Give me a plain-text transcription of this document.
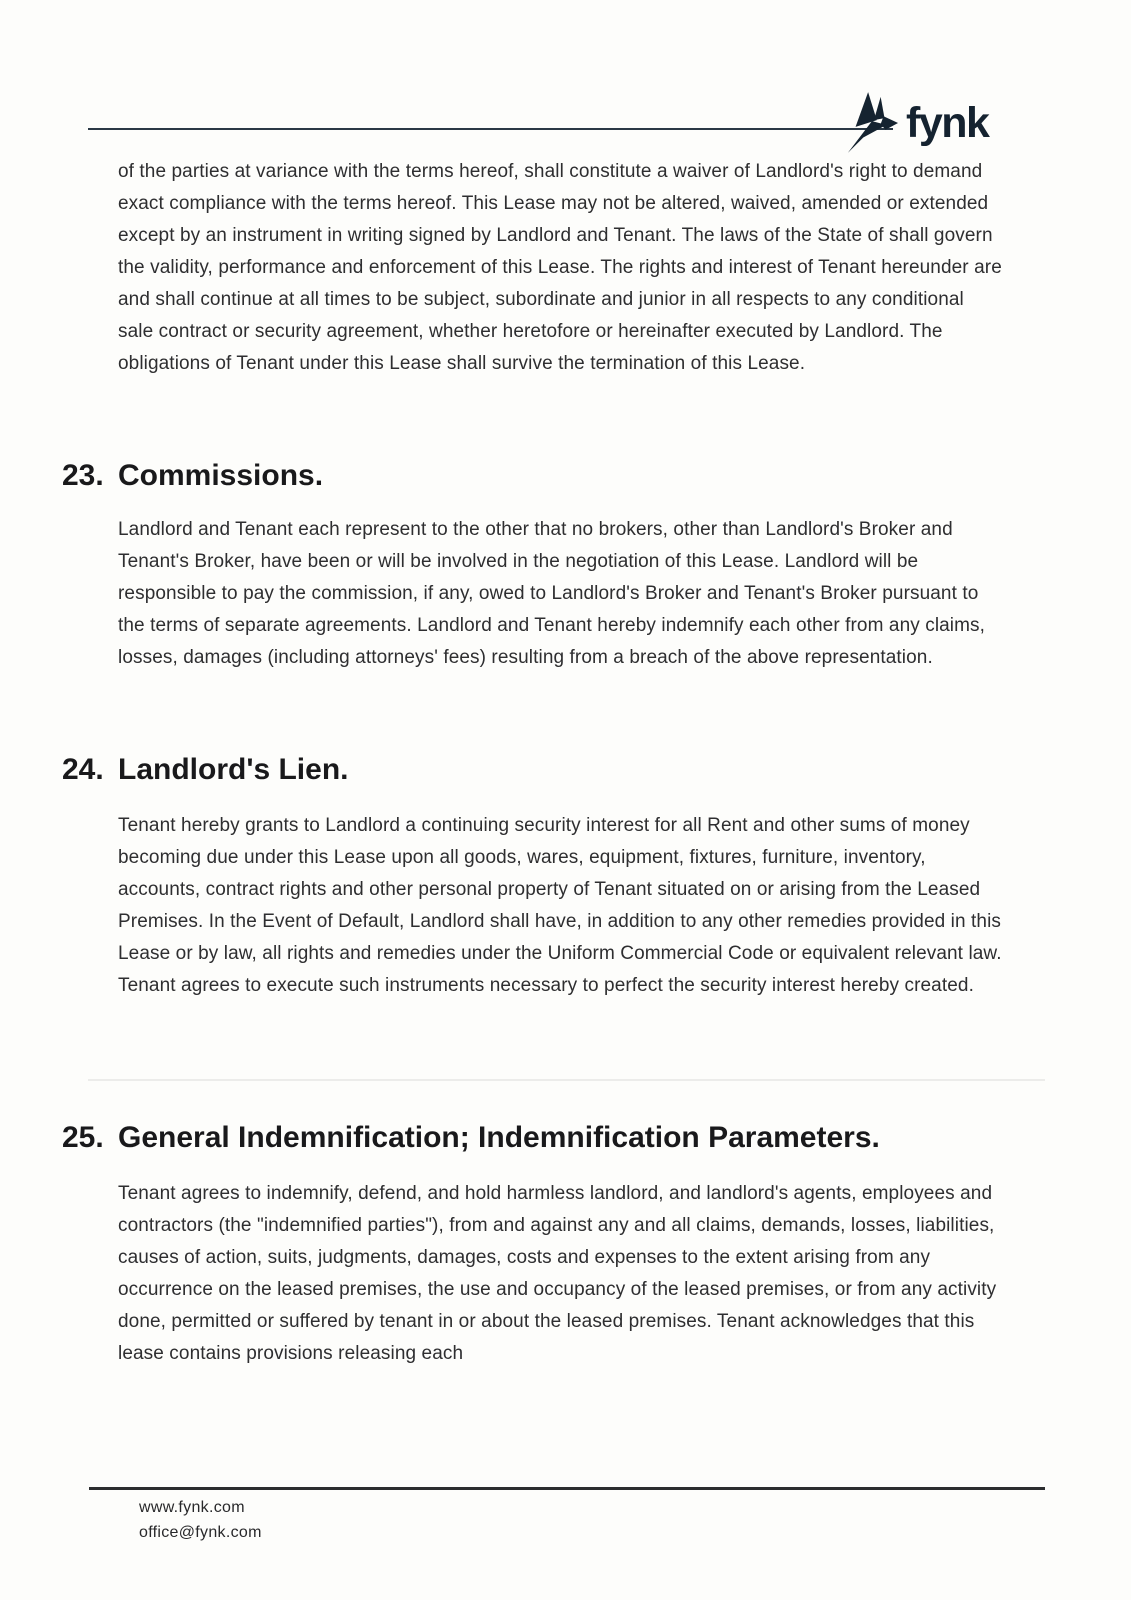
fynk

of the parties at variance with the terms hereof, shall constitute a waiver of Landlord's right to demand exact compliance with the terms hereof. This Lease may not be altered, waived, amended or extended except by an instrument in writing signed by Landlord and Tenant. The laws of the State of shall govern the validity, performance and enforcement of this Lease. The rights and interest of Tenant hereunder are and shall continue at all times to be subject, subordinate and junior in all respects to any conditional sale contract or security agreement, whether heretofore or hereinafter executed by Landlord. The obligations of Tenant under this Lease shall survive the termination of this Lease.

23. Commissions.

Landlord and Tenant each represent to the other that no brokers, other than Landlord's Broker and Tenant's Broker, have been or will be involved in the negotiation of this Lease. Landlord will be responsible to pay the commission, if any, owed to Landlord's Broker and Tenant's Broker pursuant to the terms of separate agreements. Landlord and Tenant hereby indemnify each other from any claims, losses, damages (including attorneys' fees) resulting from a breach of the above representation.

24. Landlord's Lien.

Tenant hereby grants to Landlord a continuing security interest for all Rent and other sums of money becoming due under this Lease upon all goods, wares, equipment, fixtures, furniture, inventory, accounts, contract rights and other personal property of Tenant situated on or arising from the Leased Premises. In the Event of Default, Landlord shall have, in addition to any other remedies provided in this Lease or by law, all rights and remedies under the Uniform Commercial Code or equivalent relevant law. Tenant agrees to execute such instruments necessary to perfect the security interest hereby created.

25. General Indemnification; Indemnification Parameters.

Tenant agrees to indemnify, defend, and hold harmless landlord, and landlord's agents, employees and contractors (the "indemnified parties"), from and against any and all claims, demands, losses, liabilities, causes of action, suits, judgments, damages, costs and expenses to the extent arising from any occurrence on the leased premises, the use and occupancy of the leased premises, or from any activity done, permitted or suffered by tenant in or about the leased premises. Tenant acknowledges that this lease contains provisions releasing each

www.fynk.com
office@fynk.com
